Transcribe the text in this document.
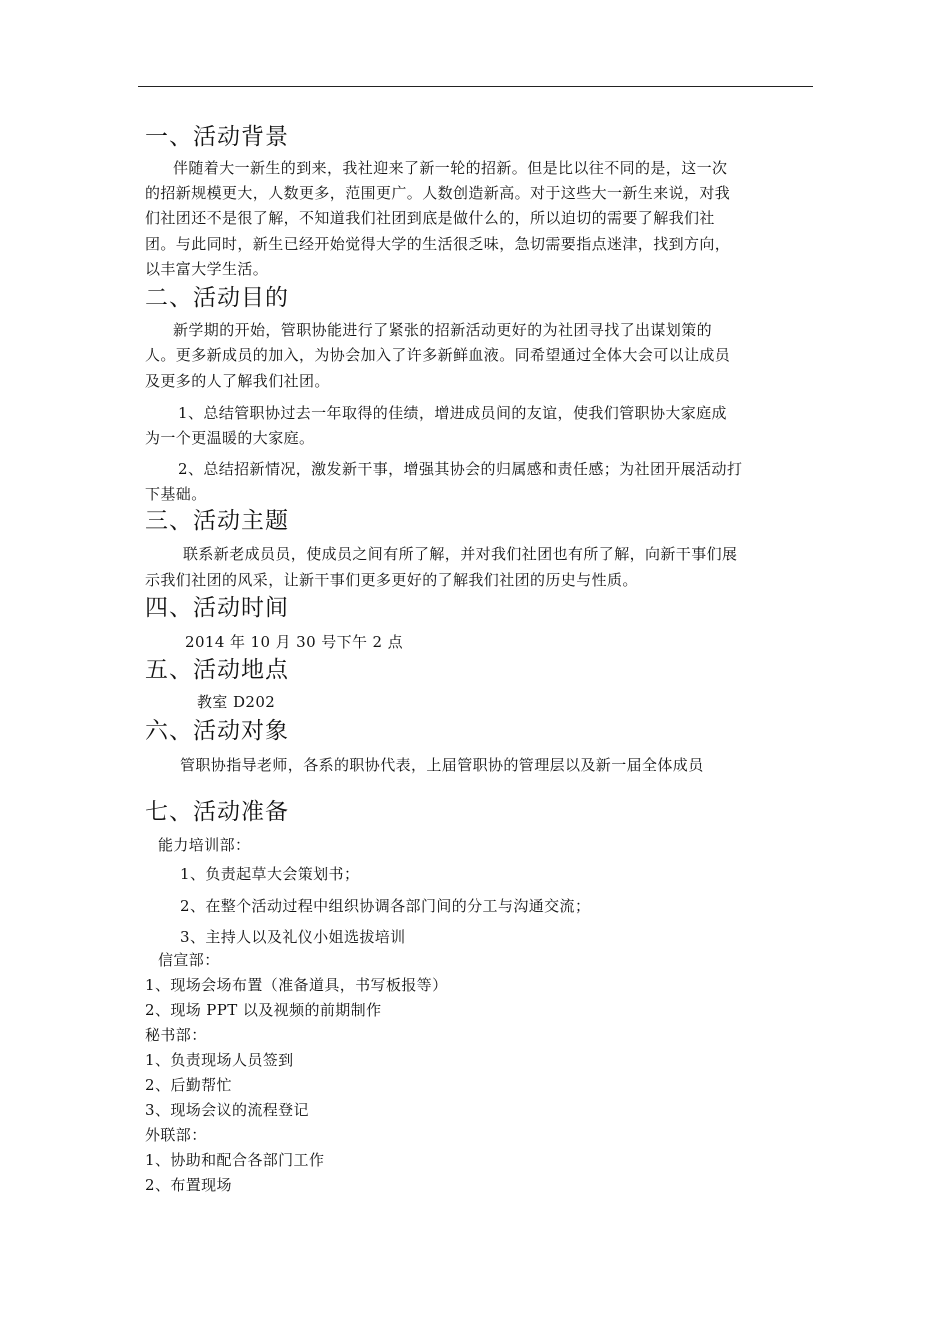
一、活动背景
伴随着大一新生的到来，我社迎来了新一轮的招新。但是比以往不同的是，这一次
的招新规模更大，人数更多，范围更广。人数创造新高。对于这些大一新生来说，对我
们社团还不是很了解，不知道我们社团到底是做什么的，所以迫切的需要了解我们社
团。与此同时，新生已经开始觉得大学的生活很乏味，急切需要指点迷津，找到方向，
以丰富大学生活。
二、活动目的
新学期的开始，管职协能进行了紧张的招新活动更好的为社团寻找了出谋划策的
人。更多新成员的加入，为协会加入了许多新鲜血液。同希望通过全体大会可以让成员
及更多的人了解我们社团。
1、总结管职协过去一年取得的佳绩，增进成员间的友谊，使我们管职协大家庭成
为一个更温暖的大家庭。
2、总结招新情况，激发新干事，增强其协会的归属感和责任感；为社团开展活动打
下基础。
三、活动主题
联系新老成员员，使成员之间有所了解，并对我们社团也有所了解，向新干事们展
示我们社团的风采，让新干事们更多更好的了解我们社团的历史与性质。
四、活动时间
2014 年 10 月 30 号下午 2 点
五、活动地点
教室 D202
六、活动对象
管职协指导老师，各系的职协代表，上届管职协的管理层以及新一届全体成员
七、活动准备
能力培训部：
1、负责起草大会策划书；
2、在整个活动过程中组织协调各部门间的分工与沟通交流；
3、主持人以及礼仪小姐选拔培训
信宣部：
1、现场会场布置（准备道具，书写板报等）
2、现场 PPT 以及视频的前期制作
秘书部：
1、负责现场人员签到
2、后勤帮忙
3、现场会议的流程登记
外联部：
1、协助和配合各部门工作
2、布置现场
